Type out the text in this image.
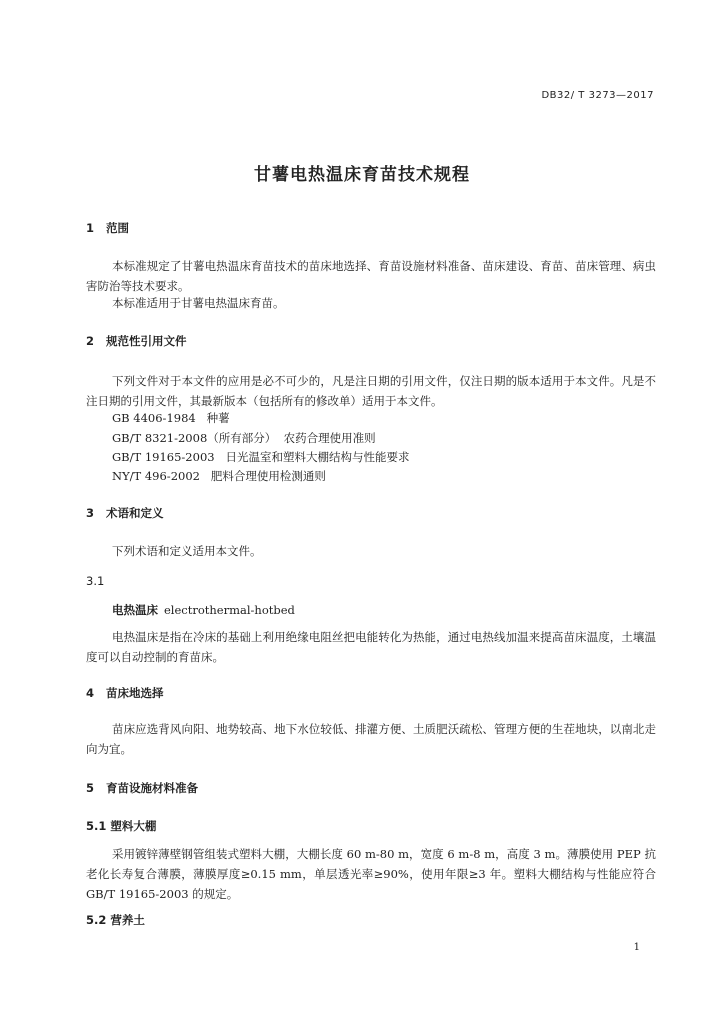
DB32/ T 3273—2017
甘薯电热温床育苗技术规程
1 范围
本标准规定了甘薯电热温床育苗技术的苗床地选择、育苗设施材料准备、苗床建设、育苗、苗床管理、病虫害防治等技术要求。
本标准适用于甘薯电热温床育苗。
2 规范性引用文件
下列文件对于本文件的应用是必不可少的，凡是注日期的引用文件，仅注日期的版本适用于本文件。凡是不注日期的引用文件，其最新版本（包括所有的修改单）适用于本文件。
GB 4406-1984   种薯
GB/T 8321-2008（所有部分）  农药合理使用准则
GB/T 19165-2003   日光温室和塑料大棚结构与性能要求
NY/T 496-2002   肥料合理使用检测通则
3 术语和定义
下列术语和定义适用本文件。
3.1
电热温床 electrothermal-hotbed
电热温床是指在冷床的基础上利用绝缘电阻丝把电能转化为热能，通过电热线加温来提高苗床温度，土壤温度可以自动控制的育苗床。
4 苗床地选择
苗床应选背风向阳、地势较高、地下水位较低、排灌方便、土质肥沃疏松、管理方便的生茬地块，以南北走向为宜。
5 育苗设施材料准备
5.1 塑料大棚
采用镀锌薄壁钢管组装式塑料大棚，大棚长度 60 m-80 m，宽度 6 m-8 m，高度 3 m。薄膜使用 PEP 抗老化长寿复合薄膜，薄膜厚度≥0.15 mm，单层透光率≥90%，使用年限≥3 年。塑料大棚结构与性能应符合 GB/T 19165-2003 的规定。
5.2 营养土
1
